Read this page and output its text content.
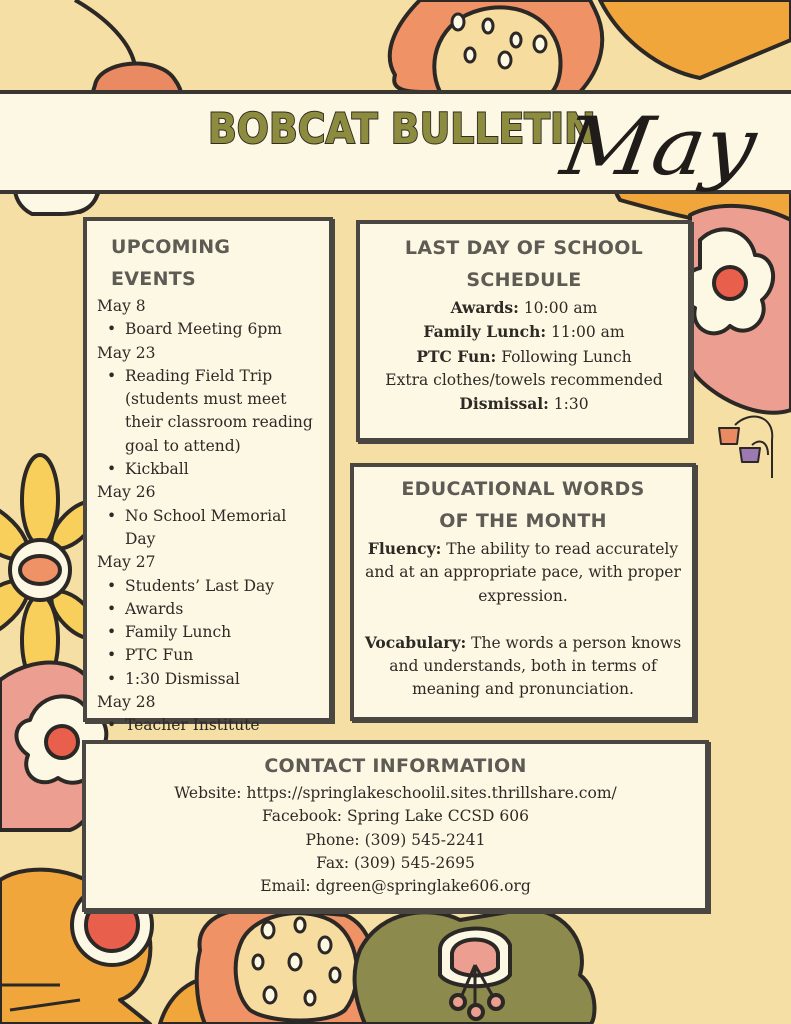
BOBCAT BULLETIN
May
UPCOMING EVENTS
May 8
• Board Meeting 6pm
May 23
• Reading Field Trip
(students must meet
their classroom reading
goal to attend)
• Kickball
May 26
• No School Memorial
Day
May 27
• Students’ Last Day
• Awards
• Family Lunch
• PTC Fun
• 1:30 Dismissal
May 28
• Teacher Institute
LAST DAY OF SCHOOL
SCHEDULE
Awards: 10:00 am
Family Lunch: 11:00 am
PTC Fun: Following Lunch
Extra clothes/towels recommended
Dismissal: 1:30
EDUCATIONAL WORDS
OF THE MONTH

Fluency: The ability to read accurately
and at an appropriate pace, with proper
expression.

Vocabulary: The words a person knows
and understands, both in terms of
meaning and pronunciation.

CONTACT INFORMATION
Website: https://springlakeschoolil.sites.thrillshare.com/
Facebook: Spring Lake CCSD 606
Phone: (309) 545-2241
Fax: (309) 545-2695
Email: dgreen@springlake606.org
